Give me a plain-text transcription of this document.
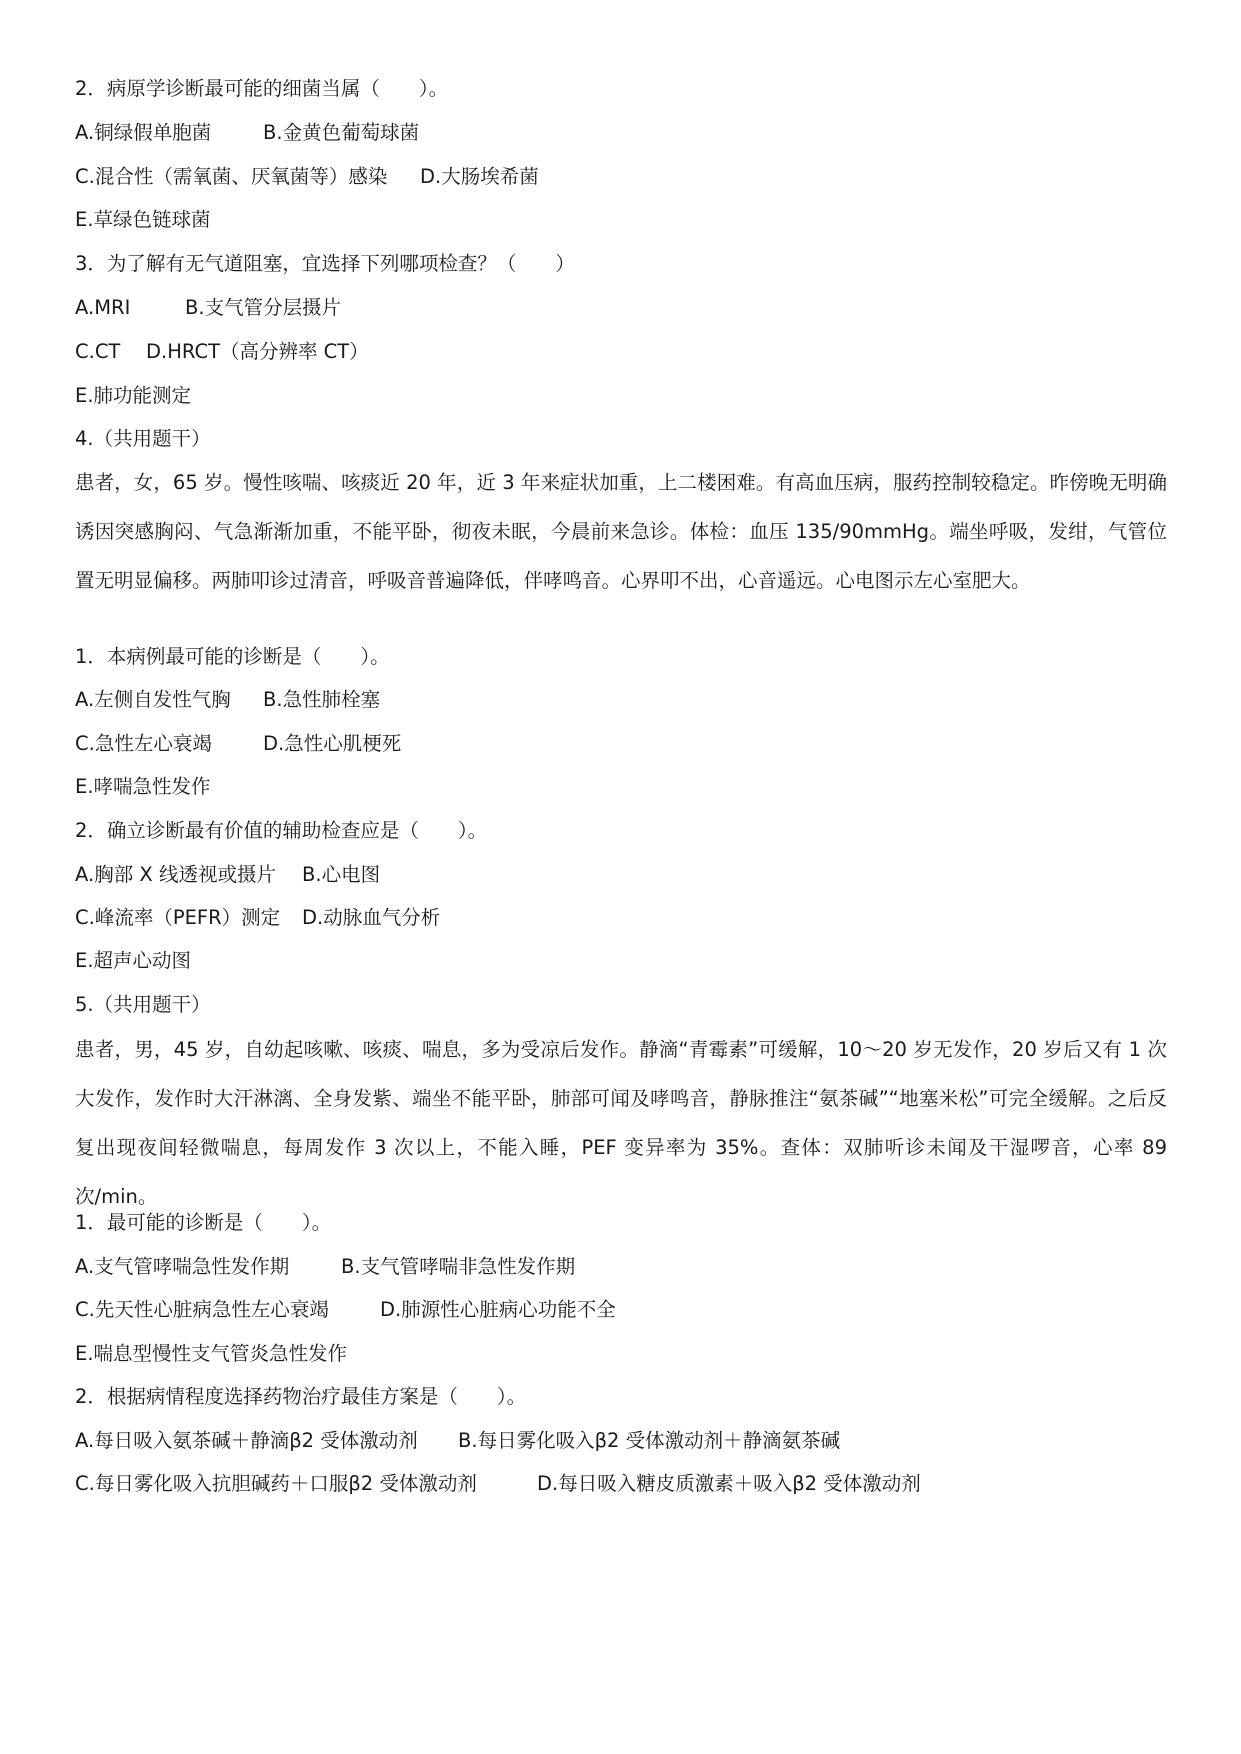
2．病原学诊断最可能的细菌当属（　　）。
A.铜绿假单胞菌	B.金黄色葡萄球菌
C.混合性（需氧菌、厌氧菌等）感染 D.大肠埃希菌
E.草绿色链球菌
3．为了解有无气道阻塞，宜选择下列哪项检查？（　　）
A.MRI	B.支气管分层摄片
C.CT D.HRCT（高分辨率 CT）
E.肺功能测定
4.（共用题干）
患者，女，65 岁。慢性咳喘、咳痰近 20 年，近 3 年来症状加重，上二楼困难。有高血压病，服药控制较稳定。昨傍晚无明确诱因突感胸闷、气急渐渐加重，不能平卧，彻夜未眠，今晨前来急诊。体检：血压 135/90mmHg。端坐呼吸，发绀，气管位置无明显偏移。两肺叩诊过清音，呼吸音普遍降低，伴哮鸣音。心界叩不出，心音遥远。心电图示左心室肥大。
1．本病例最可能的诊断是（　　）。
A.左侧自发性气胸 B.急性肺栓塞
C.急性左心衰竭	D.急性心肌梗死
E.哮喘急性发作
2．确立诊断最有价值的辅助检查应是（　　）。
A.胸部 X 线透视或摄片 B.心电图
C.峰流率（PEFR）测定 D.动脉血气分析
E.超声心动图
5.（共用题干）
患者，男，45 岁，自幼起咳嗽、咳痰、喘息，多为受凉后发作。静滴“青霉素”可缓解，10～20 岁无发作，20 岁后又有 1 次大发作，发作时大汗淋漓、全身发紫、端坐不能平卧，肺部可闻及哮鸣音，静脉推注“氨茶碱”“地塞米松”可完全缓解。之后反复出现夜间轻微喘息，每周发作 3 次以上，不能入睡，PEF 变异率为 35%。查体：双肺听诊未闻及干湿啰音，心率 89 次/min。
1．最可能的诊断是（　　）。
A.支气管哮喘急性发作期	B.支气管哮喘非急性发作期
C.先天性心脏病急性左心衰竭	D.肺源性心脏病心功能不全
E.喘息型慢性支气管炎急性发作
2．根据病情程度选择药物治疗最佳方案是（　　）。
A.每日吸入氨茶碱＋静滴β2 受体激动剂 B.每日雾化吸入β2 受体激动剂＋静滴氨茶碱
C.每日雾化吸入抗胆碱药＋口服β2 受体激动剂	D.每日吸入糖皮质激素＋吸入β2 受体激动剂
